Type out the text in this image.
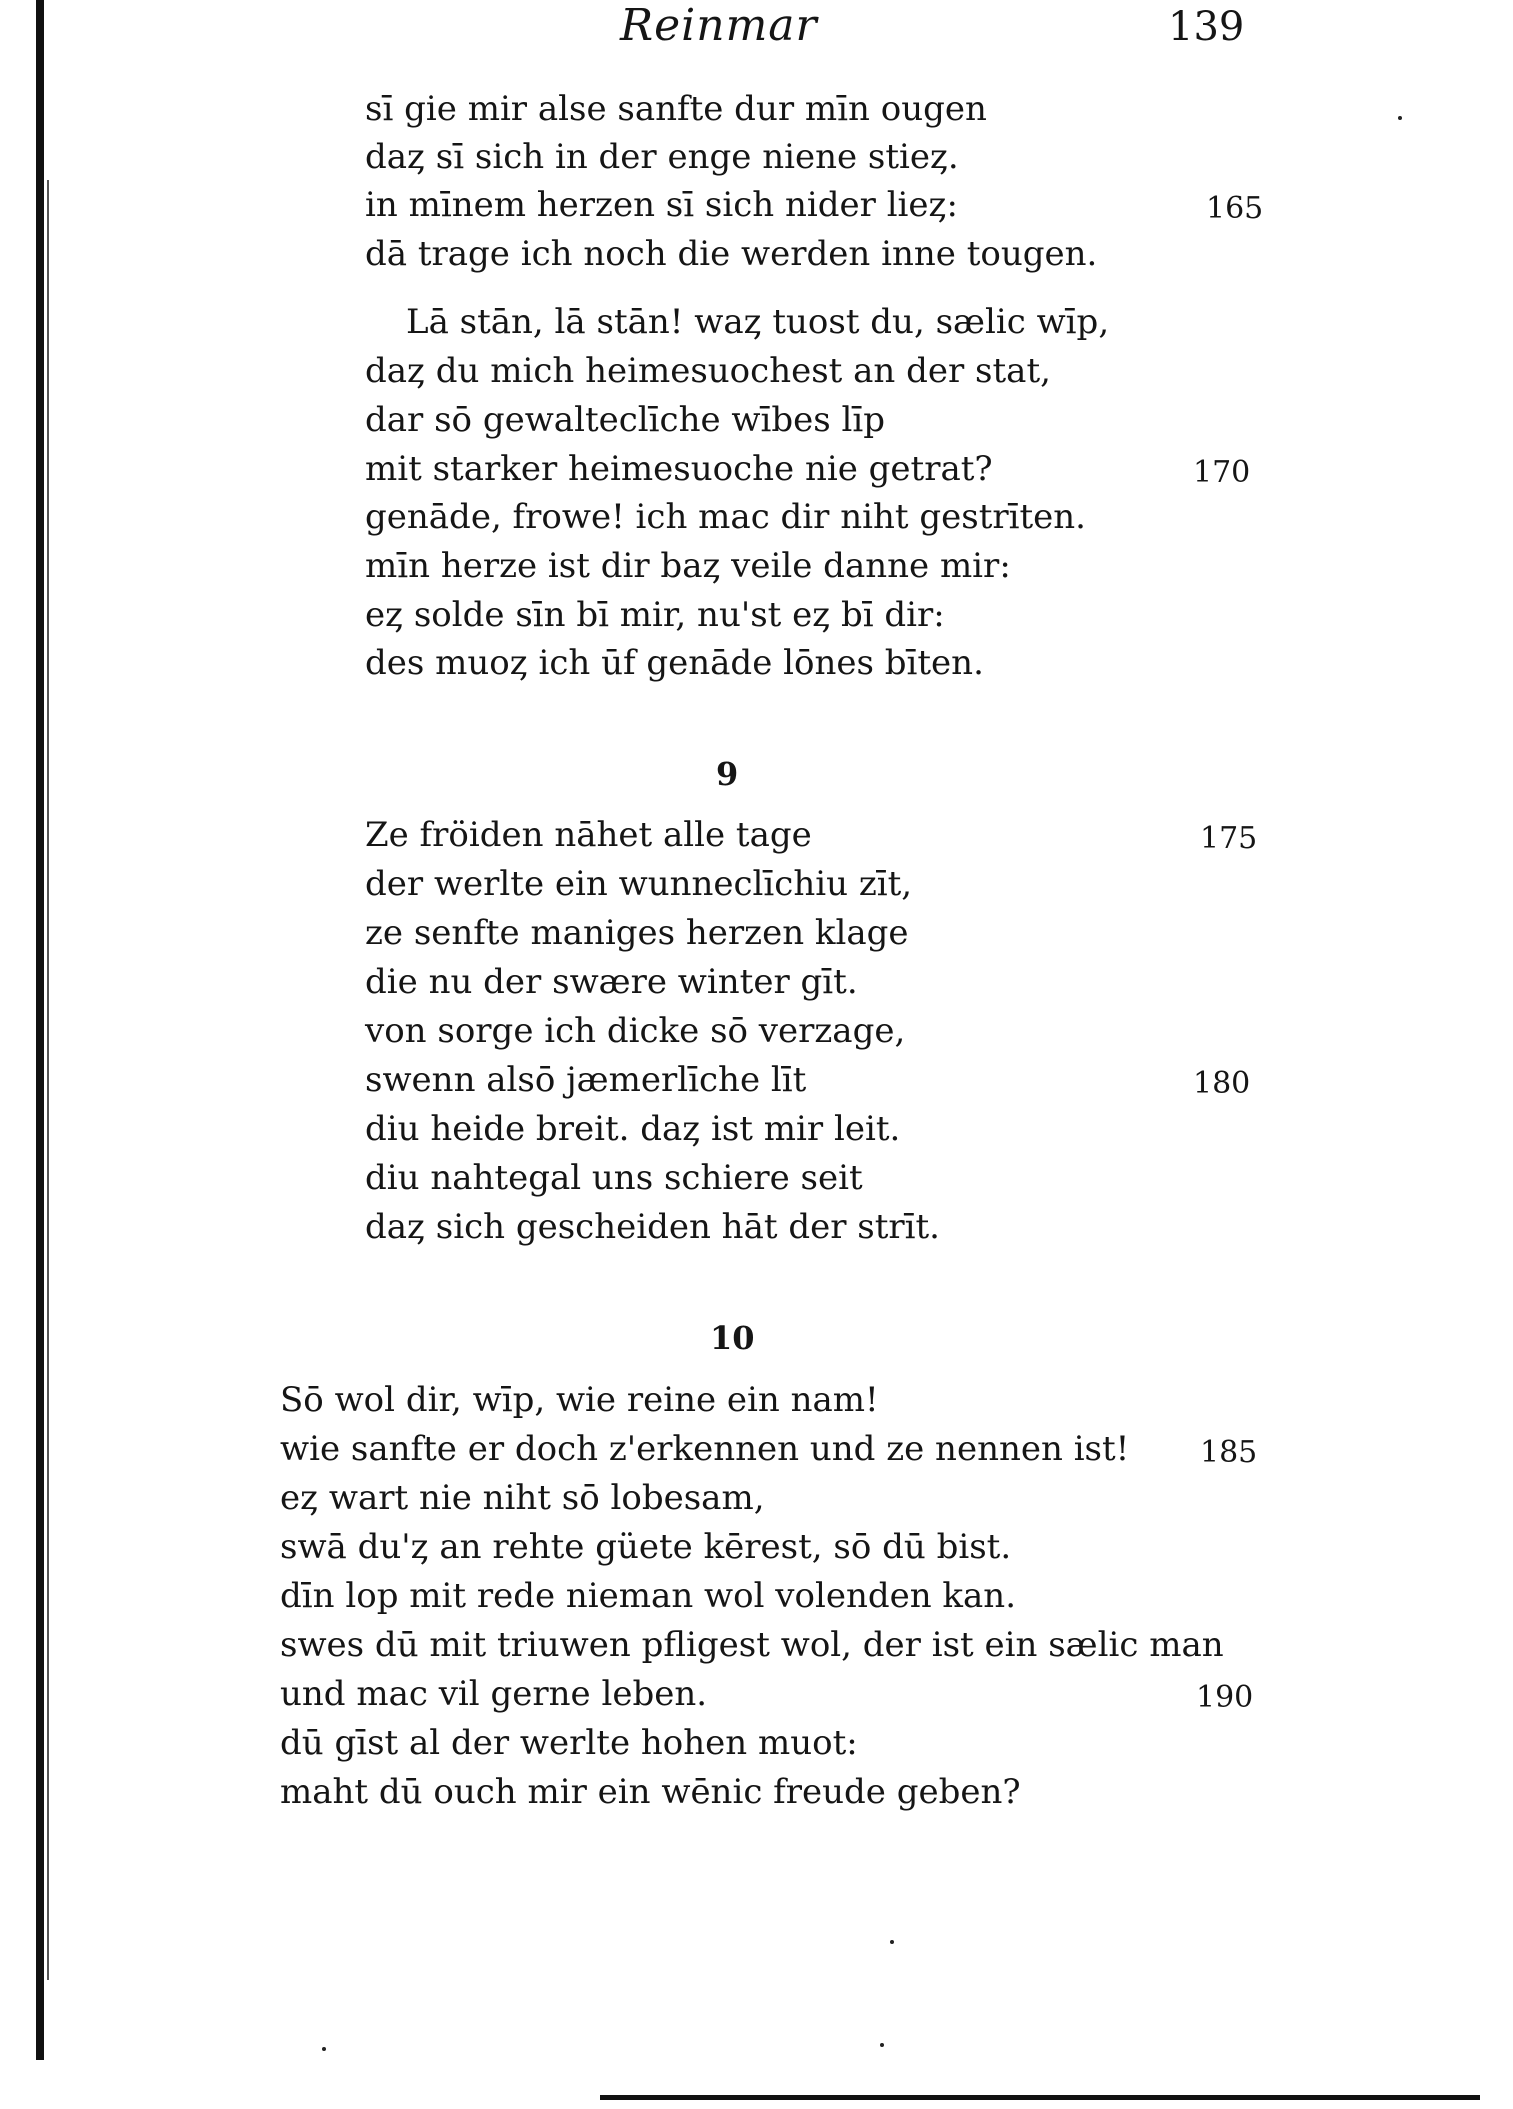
Reinmar	139
sī gie mir alse sanfte dur mīn ougen
daȥ sī sich in der enge niene stieȥ.
in mīnem herzen sī sich nider lieȥ:	165
dā trage ich noch die werden inne tougen.
Lā stān, lā stān! waȥ tuost du, sælic wīp,
daȥ du mich heimesuochest an der stat,
dar sō gewalteclīche wībes līp
mit starker heimesuoche nie getrat?	170
genāde, frowe! ich mac dir niht gestrīten.
mīn herze ist dir baȥ veile danne mir:
eȥ solde sīn bī mir, nu'st eȥ bī dir:
des muoȥ ich ūf genāde lōnes bīten.
9
Ze fröiden nāhet alle tage	175
der werlte ein wunneclīchiu zīt,
ze senfte maniges herzen klage
die nu der swære winter gīt.
von sorge ich dicke sō verzage,
swenn alsō jæmerlīche līt	180
diu heide breit. daȥ ist mir leit.
diu nahtegal uns schiere seit
daȥ sich gescheiden hāt der strīt.
10
Sō wol dir, wīp, wie reine ein nam!
wie sanfte er doch z'erkennen und ze nennen ist! 185
eȥ wart nie niht sō lobesam,
swā du'ȥ an rehte güete kērest, sō dū bist.
dīn lop mit rede nieman wol volenden kan.
swes dū mit triuwen pfligest wol, der ist ein sælic man
und mac vil gerne leben.	190
dū gīst al der werlte hohen muot:
maht dū ouch mir ein wēnic freude geben?
